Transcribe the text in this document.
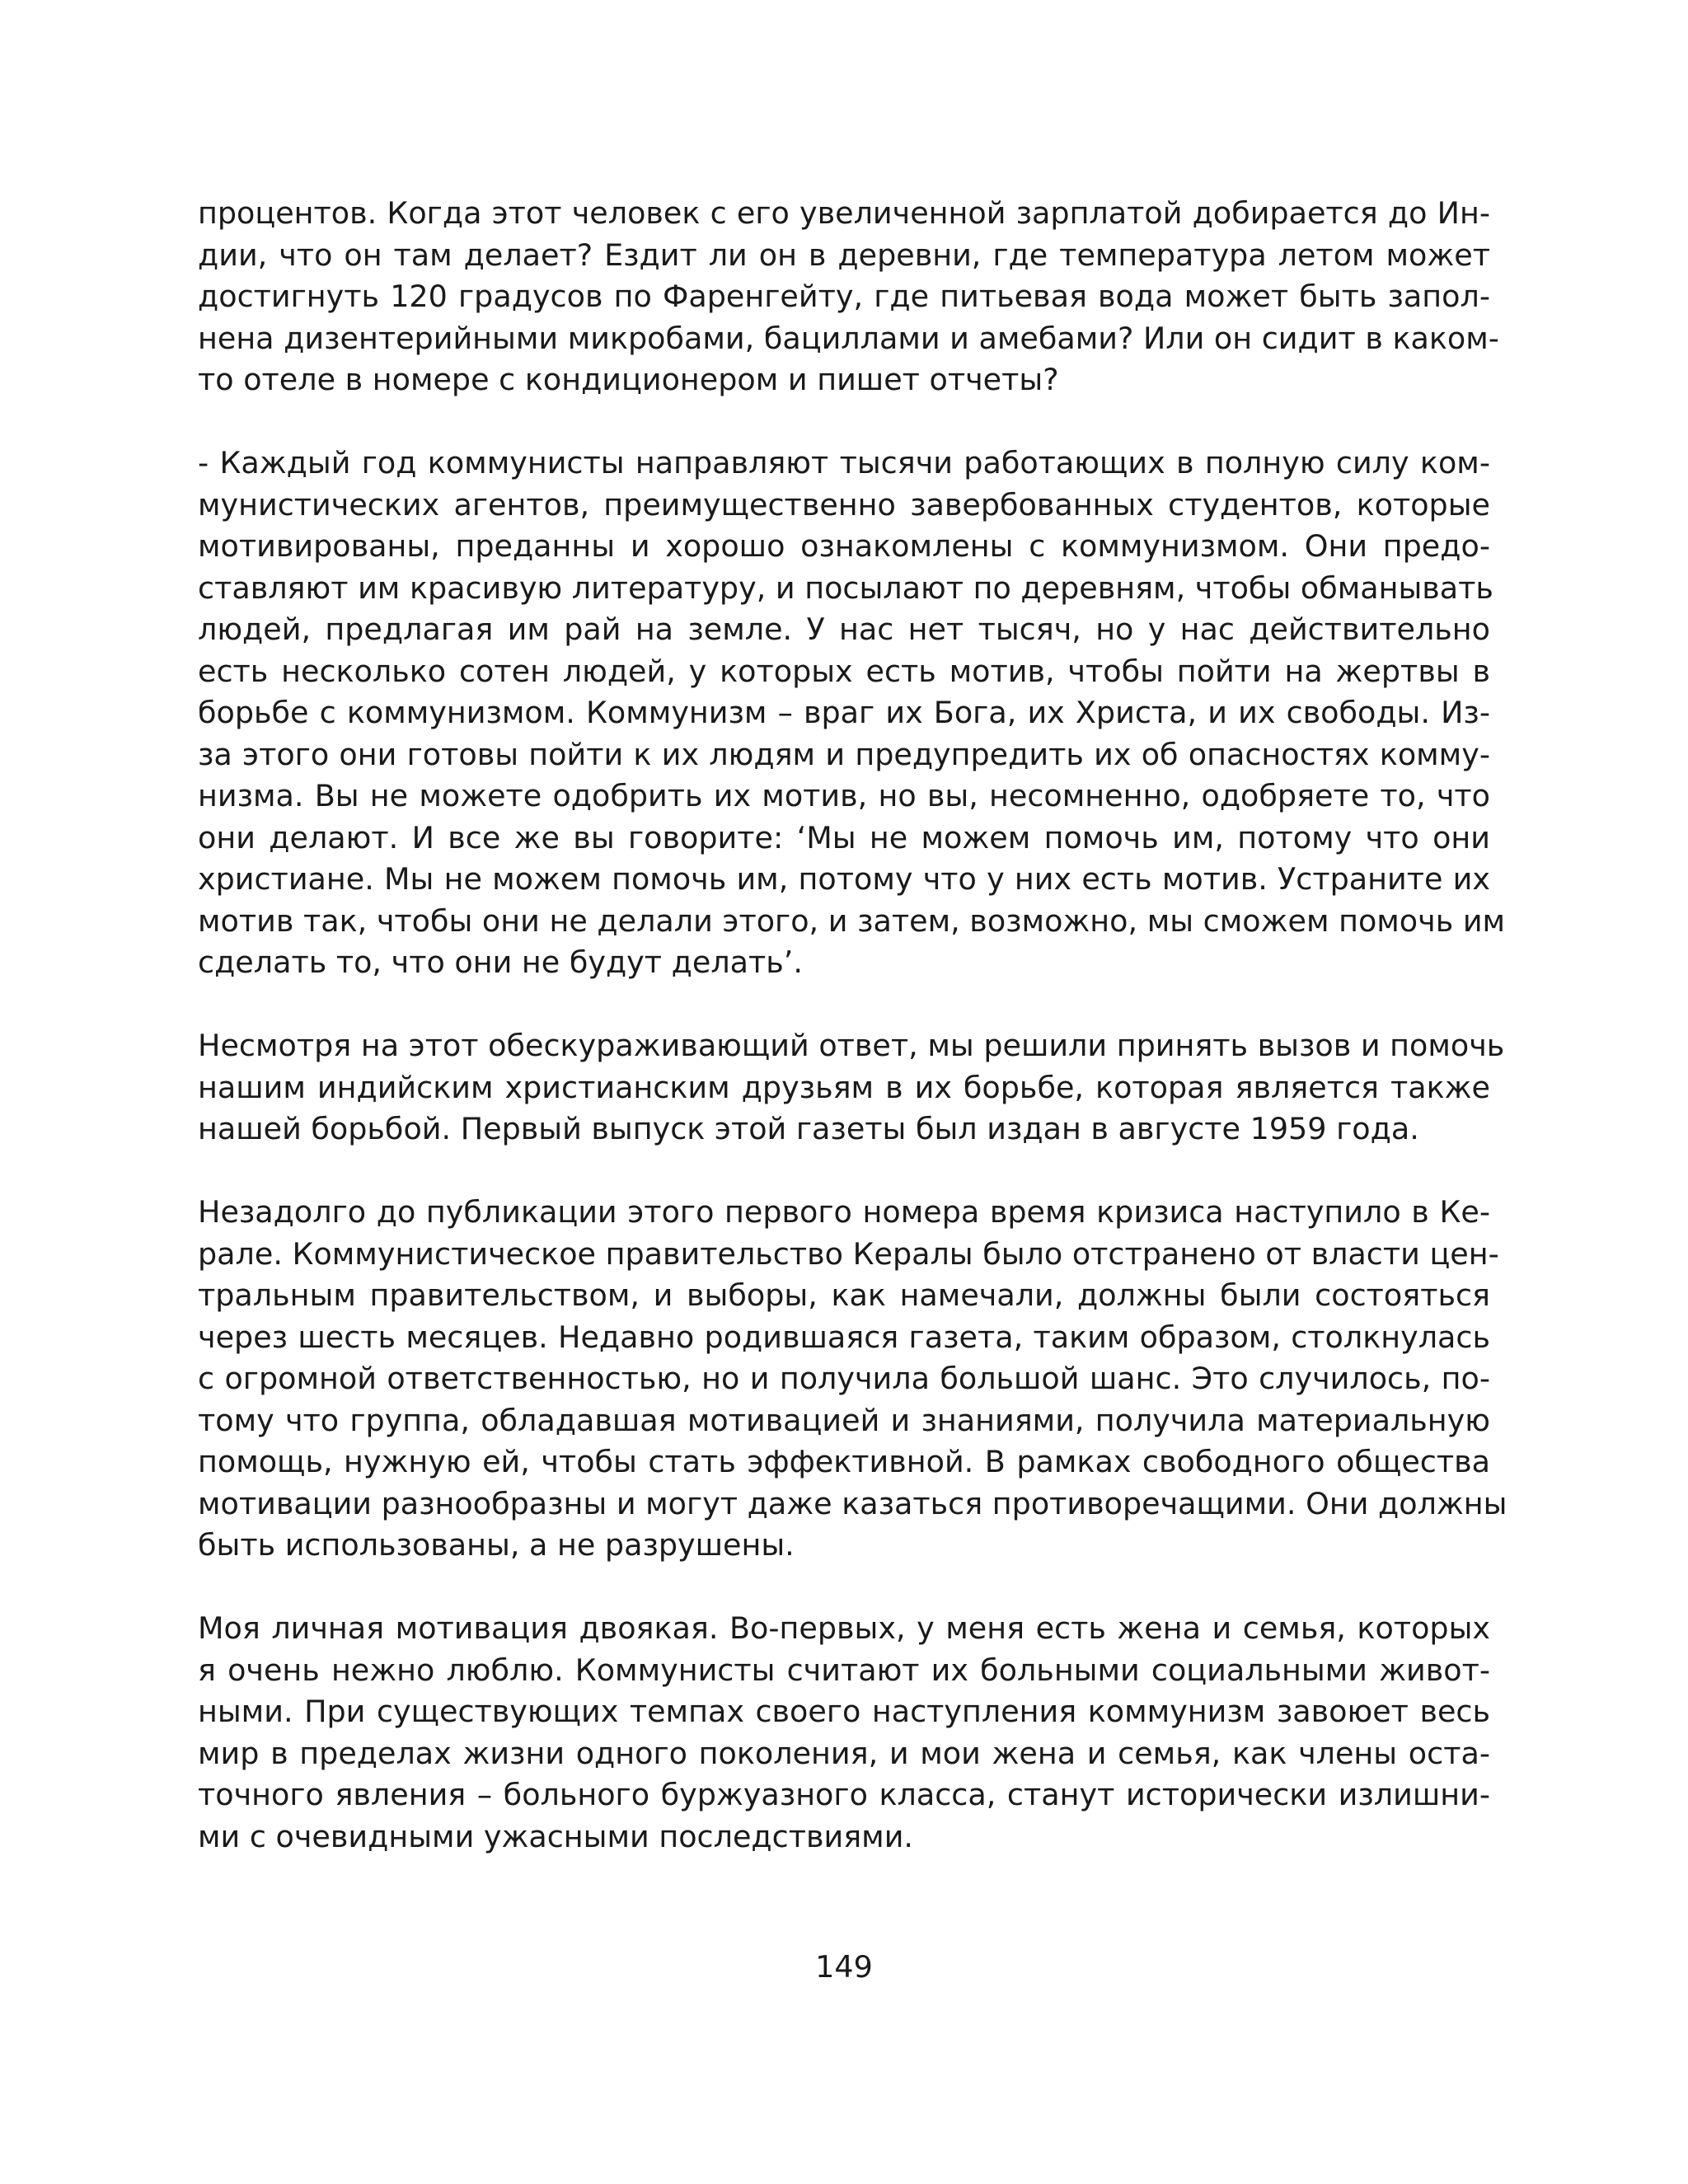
процентов. Когда этот человек с его увеличенной зарплатой добирается до Ин-
дии, что он там делает? Ездит ли он в деревни, где температура летом может
достигнуть 120 градусов по Фаренгейту, где питьевая вода может быть запол-
нена дизентерийными микробами, бациллами и амебами? Или он сидит в каком-
то отеле в номере с кондиционером и пишет отчеты?

- Каждый год коммунисты направляют тысячи работающих в полную силу ком-
мунистических агентов, преимущественно завербованных студентов, которые
мотивированы, преданны и хорошо ознакомлены с коммунизмом. Они предо-
ставляют им красивую литературу, и посылают по деревням, чтобы обманывать
людей, предлагая им рай на земле. У нас нет тысяч, но у нас действительно
есть несколько сотен людей, у которых есть мотив, чтобы пойти на жертвы в
борьбе с коммунизмом. Коммунизм – враг их Бога, их Христа, и их свободы. Из-
за этого они готовы пойти к их людям и предупредить их об опасностях комму-
низма. Вы не можете одобрить их мотив, но вы, несомненно, одобряете то, что
они делают. И все же вы говорите: ‘Мы не можем помочь им, потому что они
христиане. Мы не можем помочь им, потому что у них есть мотив. Устраните их
мотив так, чтобы они не делали этого, и затем, возможно, мы сможем помочь им
сделать то, что они не будут делать’.

Несмотря на этот обескураживающий ответ, мы решили принять вызов и помочь
нашим индийским христианским друзьям в их борьбе, которая является также
нашей борьбой. Первый выпуск этой газеты был издан в августе 1959 года.

Незадолго до публикации этого первого номера время кризиса наступило в Ке-
рале. Коммунистическое правительство Кералы было отстранено от власти цен-
тральным правительством, и выборы, как намечали, должны были состояться
через шесть месяцев. Недавно родившаяся газета, таким образом, столкнулась
с огромной ответственностью, но и получила большой шанс. Это случилось, по-
тому что группа, обладавшая мотивацией и знаниями, получила материальную
помощь, нужную ей, чтобы стать эффективной. В рамках свободного общества
мотивации разнообразны и могут даже казаться противоречащими. Они должны
быть использованы, а не разрушены.

Моя личная мотивация двоякая. Во-первых, у меня есть жена и семья, которых
я очень нежно люблю. Коммунисты считают их больными социальными живот-
ными. При существующих темпах своего наступления коммунизм завоюет весь
мир в пределах жизни одного поколения, и мои жена и семья, как члены оста-
точного явления – больного буржуазного класса, станут исторически излишни-
ми с очевидными ужасными последствиями.

149
